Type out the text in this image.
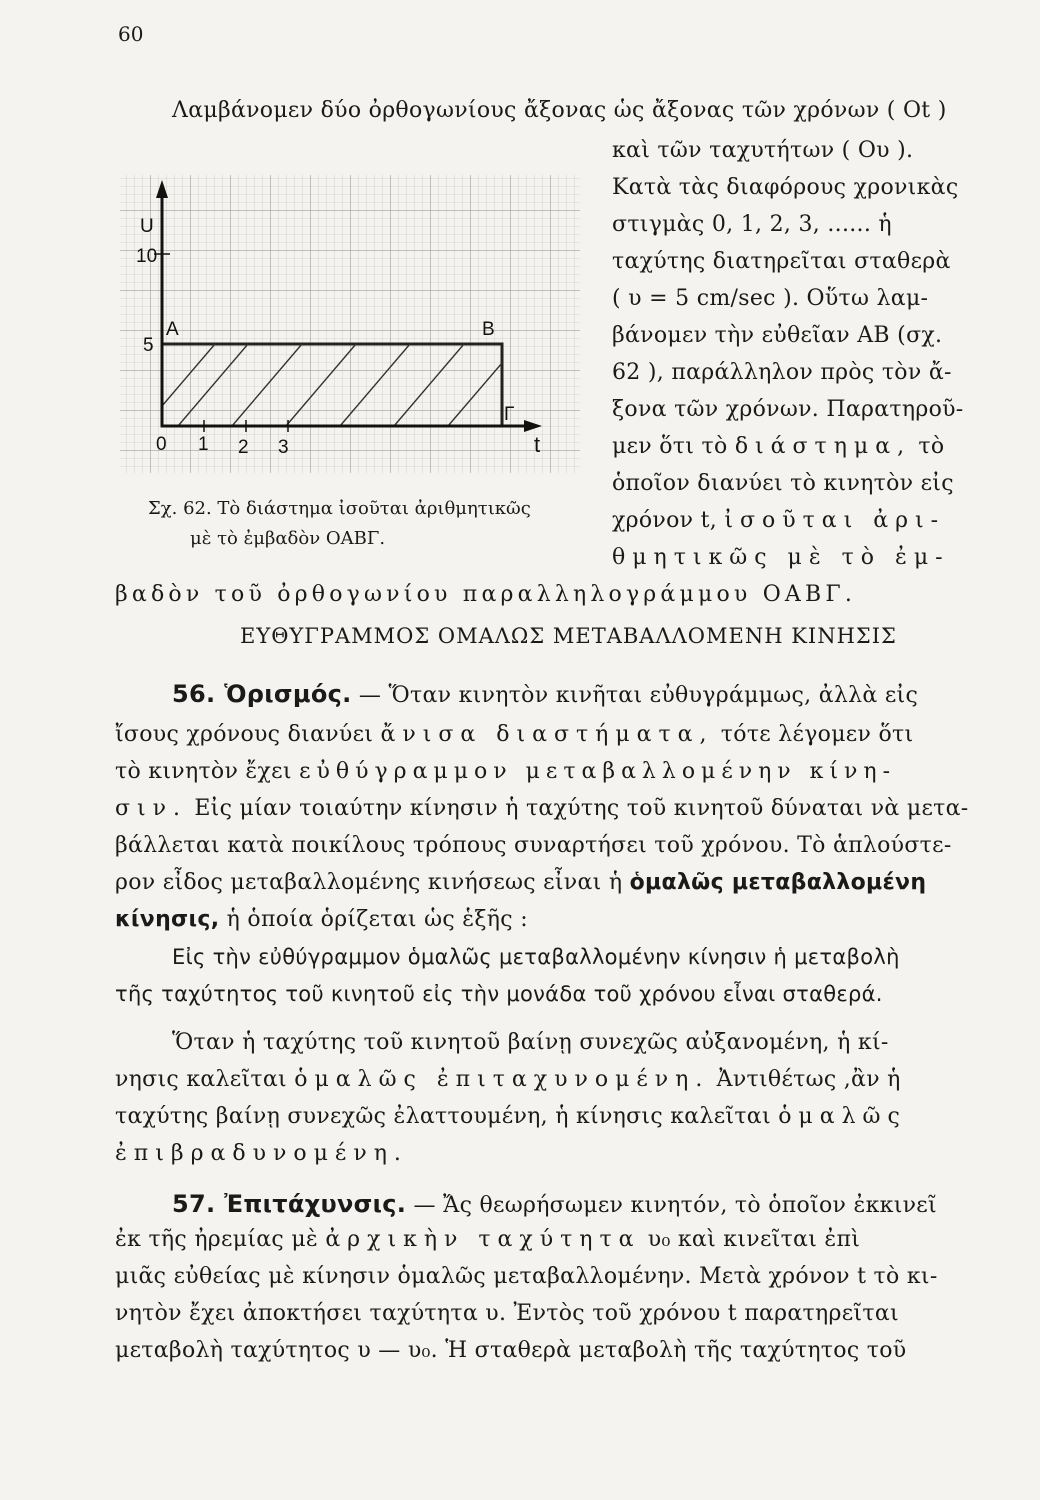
60
Λαμβάνομεν δύο ὀρθογωνίους ἄξονας ὡς ἄξονας τῶν χρόνων ( Οt )
καὶ τῶν ταχυτήτων ( Ου ).
Κατὰ τὰς διαφόρους χρονικὰς
στιγμὰς 0, 1, 2, 3, ...... ἡ
ταχύτης διατηρεῖται σταθερὰ
( υ = 5 cm/sec ). Οὕτω λαμ-
βάνομεν τὴν εὐθεῖαν ΑΒ (σχ.
62 ), παράλληλον πρὸς τὸν ἄ-
ξονα τῶν χρόνων. Παρατηροῦ-
μεν ὅτι τὸ διάστημα, τὸ
ὁποῖον διανύει τὸ κινητὸν εἰς
χρόνον t, ἰσοῦται ἀρι-
θμητικῶς μὲ τὸ ἐμ-
βαδὸν τοῦ ὀρθογωνίου παραλληλογράμμου ΟΑΒΓ.
U
10
5
A	B
Γ
0 1 2 3	t
Σχ. 62. Τὸ διάστημα ἰσοῦται ἀριθμητικῶς
μὲ τὸ ἐμβαδὸν ΟΑΒΓ.
ΕΥΘΥΓΡΑΜΜΟΣ ΟΜΑΛΩΣ ΜΕΤΑΒΑΛΛΟΜΕΝΗ ΚΙΝΗΣΙΣ
56. Ὁρισμός. — Ὅταν κινητὸν κινῆται εὐθυγράμμως, ἀλλὰ εἰς
ἴσους χρόνους διανύει ἄνισα διαστήματα, τότε λέγομεν ὅτι
τὸ κινητὸν ἔχει εὐθύγραμμον μεταβαλλομένην κίνη-
σιν. Εἰς μίαν τοιαύτην κίνησιν ἡ ταχύτης τοῦ κινητοῦ δύναται νὰ μετα-
βάλλεται κατὰ ποικίλους τρόπους συναρτήσει τοῦ χρόνου. Τὸ ἁπλούστε-
ρον εἶδος μεταβαλλομένης κινήσεως εἶναι ἡ ὁμαλῶς μεταβαλλομένη
κίνησις, ἡ ὁποία ὁρίζεται ὡς ἑξῆς :
Εἰς τὴν εὐθύγραμμον ὁμαλῶς μεταβαλλομένην κίνησιν ἡ μεταβολὴ
τῆς ταχύτητος τοῦ κινητοῦ εἰς τὴν μονάδα τοῦ χρόνου εἶναι σταθερά.
Ὅταν ἡ ταχύτης τοῦ κινητοῦ βαίνῃ συνεχῶς αὐξανομένη, ἡ κί-
νησις καλεῖται ὁμαλῶς ἐπιταχυνομένη. Ἀντιθέτως ,ἂν ἡ
ταχύτης βαίνῃ συνεχῶς ἐλαττουμένη, ἡ κίνησις καλεῖται ὁμαλῶς
ἐπιβραδυνομένη.
57. Ἐπιτάχυνσις. — Ἄς θεωρήσωμεν κινητόν, τὸ ὁποῖον ἐκκινεῖ
ἐκ τῆς ἠρεμίας μὲ ἀρχικὴν ταχύτητα υ₀ καὶ κινεῖται ἐπὶ
μιᾶς εὐθείας μὲ κίνησιν ὁμαλῶς μεταβαλλομένην. Μετὰ χρόνον t τὸ κι-
νητὸν ἔχει ἀποκτήσει ταχύτητα υ. Ἐντὸς τοῦ χρόνου t παρατηρεῖται
μεταβολὴ ταχύτητος υ — υ₀. Ἡ σταθερὰ μεταβολὴ τῆς ταχύτητος τοῦ
